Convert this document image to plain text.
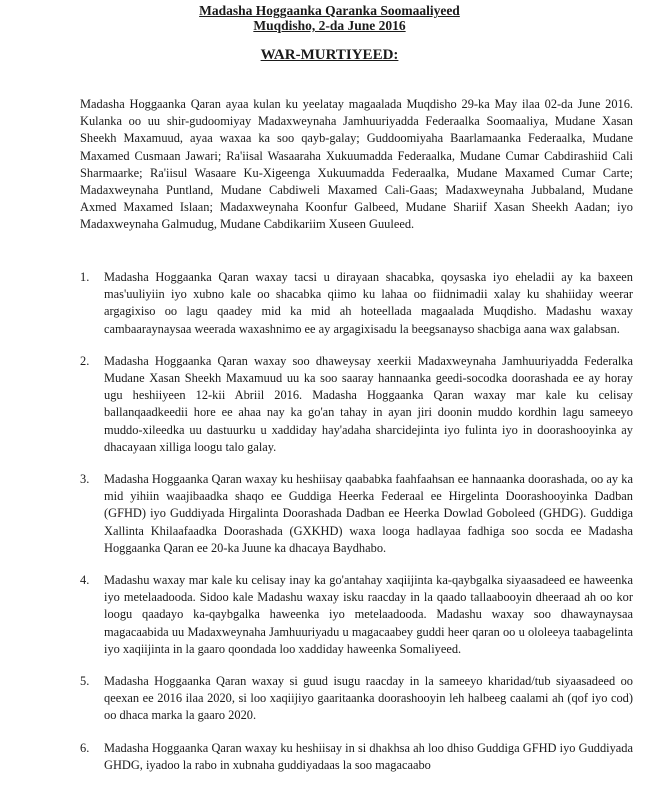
Madasha Hoggaanka Qaranka Soomaaliyeed
Muqdisho, 2-da June 2016
WAR-MURTIYEED:

Madasha Hoggaanka Qaran ayaa kulan ku yeelatay magaalada Muqdisho 29-ka May ilaa 02-da June 2016. Kulanka oo uu shir-gudoomiyay Madaxweynaha Jamhuuriyadda Federaalka Soomaaliya, Mudane Xasan Sheekh Maxamuud, ayaa waxaa ka soo qayb-galay; Guddoomiyaha Baarlamaanka Federaalka, Mudane Maxamed Cusmaan Jawari; Ra'iisal Wasaaraha Xukuumadda Federaalka, Mudane Cumar Cabdirashiid Cali Sharmaarke; Ra'iisul Wasaare Ku-Xigeenga Xukuumadda Federaalka, Mudane Maxamed Cumar Carte; Madaxweynaha Puntland, Mudane Cabdiweli Maxamed Cali-Gaas; Madaxweynaha Jubbaland, Mudane Axmed Maxamed Islaan; Madaxweynaha Koonfur Galbeed, Mudane Shariif Xasan Sheekh Aadan; iyo Madaxweynaha Galmudug, Mudane Cabdikariim Xuseen Guuleed.

1.	Madasha Hoggaanka Qaran waxay tacsi u dirayaan shacabka, qoysaska iyo eheladii ay ka baxeen mas'uuliyiin iyo xubno kale oo shacabka qiimo ku lahaa oo fiidnimadii xalay ku shahiiday weerar argagixiso oo lagu qaadey mid ka mid ah hoteellada magaalada Muqdisho. Madashu waxay cambaaraynaysaa weerada waxashnimo ee ay argagixisadu la beegsanayso shacbiga aana wax galabsan.
2.	Madasha Hoggaanka Qaran waxay soo dhaweysay xeerkii Madaxweynaha Jamhuuriyadda Federalka Mudane Xasan Sheekh Maxamuud uu ka soo saaray hannaanka geedi-socodka doorashada ee ay horay ugu heshiiyeen 12-kii Abriil 2016. Madasha Hoggaanka Qaran waxay mar kale ku celisay ballanqaadkeedii hore ee ahaa nay ka go'an tahay in ayan jiri doonin muddo kordhin lagu sameeyo muddo-xileedka uu dastuurku u xaddiday hay'adaha sharcidejinta iyo fulinta iyo in doorashooyinka ay dhacayaan xilliga loogu talo galay.
3.	Madasha Hoggaanka Qaran waxay ku heshiisay qaababka faahfaahsan ee hannaanka doorashada, oo ay ka mid yihiin waajibaadka shaqo ee Guddiga Heerka Federaal ee Hirgelinta Doorashooyinka Dadban (GFHD) iyo Guddiyada Hirgalinta Doorashada Dadban ee Heerka Dowlad Goboleed (GHDG). Guddiga Xallinta Khilaafaadka Doorashada (GXKHD) waxa looga hadlayaa fadhiga soo socda ee Madasha Hoggaanka Qaran ee 20-ka Juune ka dhacaya Baydhabo.
4.	Madashu waxay mar kale ku celisay inay ka go'antahay xaqiijinta ka-qaybgalka siyaasadeed ee haweenka iyo metelaadooda. Sidoo kale Madashu waxay isku raacday in la qaado tallaabooyin dheeraad ah oo kor loogu qaadayo ka-qaybgalka haweenka iyo metelaadooda. Madashu waxay soo dhawaynaysaa magacaabida uu Madaxweynaha Jamhuuriyadu u magacaabey guddi heer qaran oo u ololeeya taabagelinta iyo xaqiijinta in la gaaro qoondada loo xaddiday haweenka Somaliyeed.
5.	Madasha Hoggaanka Qaran waxay si guud isugu raacday in la sameeyo kharidad/tub siyaasadeed oo qeexan ee 2016 ilaa 2020, si loo xaqiijiyo gaaritaanka doorashooyin leh halbeeg caalami ah (qof iyo cod) oo dhaca marka la gaaro 2020.
6.	Madasha Hoggaanka Qaran waxay ku heshiisay in si dhakhsa ah loo dhiso Guddiga GFHD iyo Guddiyada GHDG, iyadoo la rabo in xubnaha guddiyadaas la soo magacaabo
